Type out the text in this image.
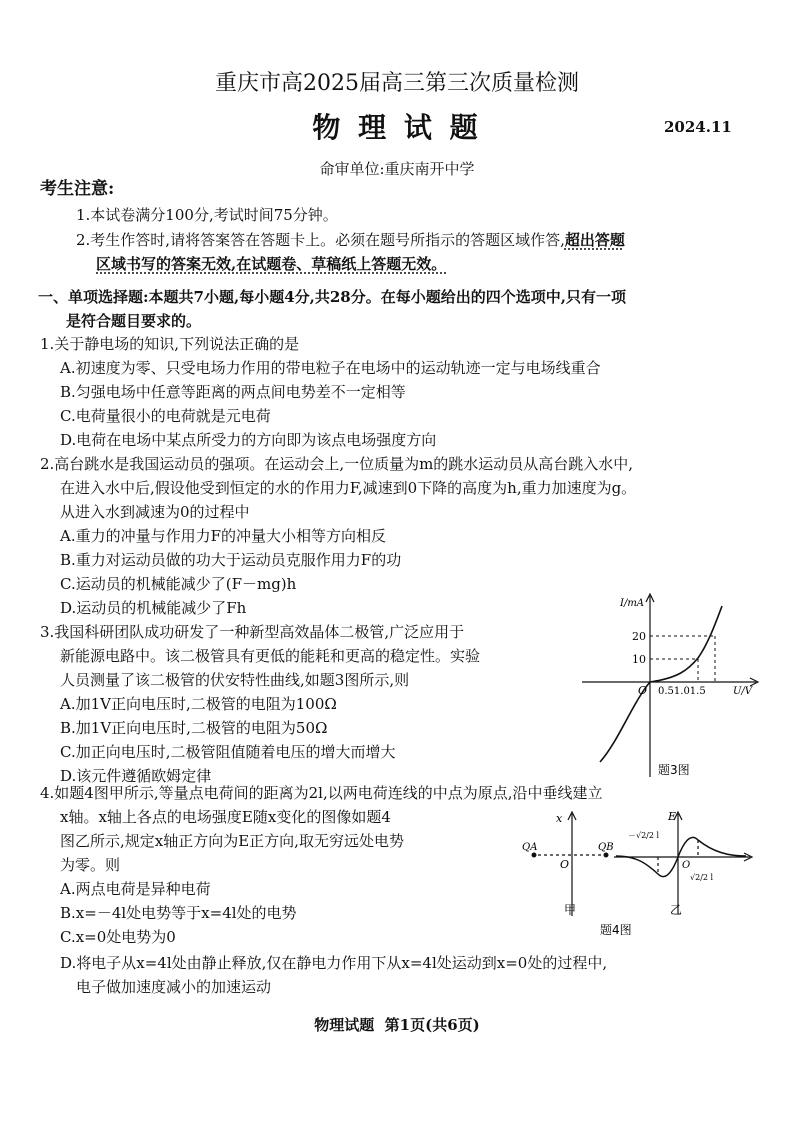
重庆市高2025届高三第三次质量检测
物 理 试 题	2024.11
命审单位:重庆南开中学
考生注意:
1.本试卷满分100分,考试时间75分钟。
2.考生作答时,请将答案答在答题卡上。必须在题号所指示的答题区域作答,超出答题
区域书写的答案无效,在试题卷、草稿纸上答题无效。
一、单项选择题:本题共7小题,每小题4分,共28分。在每小题给出的四个选项中,只有一项
是符合题目要求的。
1.关于静电场的知识,下列说法正确的是
A.初速度为零、只受电场力作用的带电粒子在电场中的运动轨迹一定与电场线重合
B.匀强电场中任意等距离的两点间电势差不一定相等
C.电荷量很小的电荷就是元电荷
D.电荷在电场中某点所受力的方向即为该点电场强度方向
2.高台跳水是我国运动员的强项。在运动会上,一位质量为m的跳水运动员从高台跳入水中,
在进入水中后,假设他受到恒定的水的作用力F,减速到0下降的高度为h,重力加速度为g。
从进入水到减速为0的过程中
A.重力的冲量与作用力F的冲量大小相等方向相反
B.重力对运动员做的功大于运动员克服作用力F的功
C.运动员的机械能减少了(F－mg)h
D.运动员的机械能减少了Fh
3.我国科研团队成功研发了一种新型高效晶体二极管,广泛应用于
新能源电路中。该二极管具有更低的能耗和更高的稳定性。实验
人员测量了该二极管的伏安特性曲线,如题3图所示,则
A.加1V正向电压时,二极管的电阻为100Ω
B.加1V正向电压时,二极管的电阻为50Ω
C.加正向电压时,二极管阻值随着电压的增大而增大
D.该元件遵循欧姆定律
I/mA
20
10
O 0.51.01.5	U/V
题3图
4.如题4图甲所示,等量点电荷间的距离为2l,以两电荷连线的中点为原点,沿中垂线建立
x轴。x轴上各点的电场强度E随x变化的图像如题4
图乙所示,规定x轴正方向为E正方向,取无穷远处电势
为零。则
A.两点电荷是异种电荷
B.x=－4l处电势等于x=4l处的电势
C.x=0处电势为0
D.将电子从x=4l处由静止释放,仅在静电力作用下从x=4l处运动到x=0处的过程中,
电子做加速度减小的加速运动
x
QA	QB
O
甲
E
－√2/2 l
O
√2/2 l
乙
题4图
物理试题  第1页(共6页)
